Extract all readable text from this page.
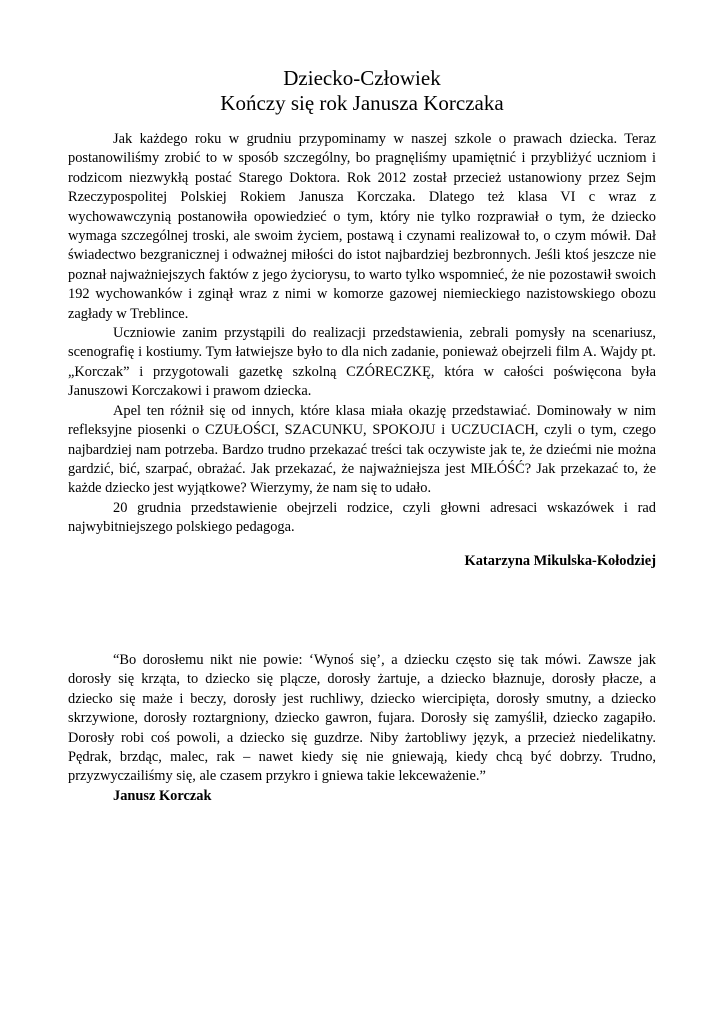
Dziecko-Człowiek
Kończy się rok Janusza Korczaka

Jak każdego roku w grudniu przypominamy w naszej szkole o prawach dziecka. Teraz postanowiliśmy zrobić to w sposób szczególny, bo pragnęliśmy upamiętnić i przybliżyć uczniom i rodzicom niezwykłą postać Starego Doktora. Rok 2012 został przecież ustanowiony przez Sejm Rzeczypospolitej Polskiej Rokiem Janusza Korczaka. Dlatego też klasa VI c wraz z wychowawczynią postanowiła opowiedzieć o tym, który nie tylko rozprawiał o tym, że dziecko wymaga szczególnej troski, ale swoim życiem, postawą i czynami realizował to, o czym mówił. Dał świadectwo bezgranicznej i odważnej miłości do istot najbardziej bezbronnych. Jeśli ktoś jeszcze nie poznał najważniejszych faktów z jego życiorysu, to warto tylko wspomnieć, że nie pozostawił swoich 192 wychowanków i zginął wraz z nimi w komorze gazowej niemieckiego nazistowskiego obozu zagłady w Treblince.

Uczniowie zanim przystąpili do realizacji przedstawienia, zebrali pomysły na scenariusz, scenografię i kostiumy. Tym łatwiejsze było to dla nich zadanie, ponieważ obejrzeli film A. Wajdy pt. „Korczak” i przygotowali gazetkę szkolną CZÓRECZKĘ, która w całości poświęcona była Januszowi Korczakowi i prawom dziecka.

Apel ten różnił się od innych, które klasa miała okazję przedstawiać. Dominowały w nim refleksyjne piosenki o CZUŁOŚCI, SZACUNKU, SPOKOJU i UCZUCIACH, czyli o tym, czego najbardziej nam potrzeba. Bardzo trudno przekazać treści tak oczywiste jak te, że dziećmi nie można gardzić, bić, szarpać, obrażać. Jak przekazać, że najważniejsza jest MIŁÓŚĆ? Jak przekazać to, że każde dziecko jest wyjątkowe? Wierzymy, że nam się to udało.

20 grudnia przedstawienie obejrzeli rodzice, czyli głowni adresaci wskazówek i rad najwybitniejszego polskiego pedagoga.

Katarzyna Mikulska-Kołodziej

“Bo dorosłemu nikt nie powie: ‘Wynoś się’, a dziecku często się tak mówi. Zawsze jak dorosły się krząta, to dziecko się plącze, dorosły żartuje, a dziecko błaznuje, dorosły płacze, a dziecko się maże i beczy, dorosły jest ruchliwy, dziecko wiercipięta, dorosły smutny, a dziecko skrzywione, dorosły roztargniony, dziecko gawron, fujara. Dorosły się zamyślił, dziecko zagapiło. Dorosły robi coś powoli, a dziecko się guzdrze. Niby żartobliwy język, a przecież niedelikatny. Pędrak, brzdąc, malec, rak – nawet kiedy się nie gniewają, kiedy chcą być dobrzy. Trudno, przyzwyczailiśmy się, ale czasem przykro i gniewa takie lekceważenie.”

Janusz Korczak
